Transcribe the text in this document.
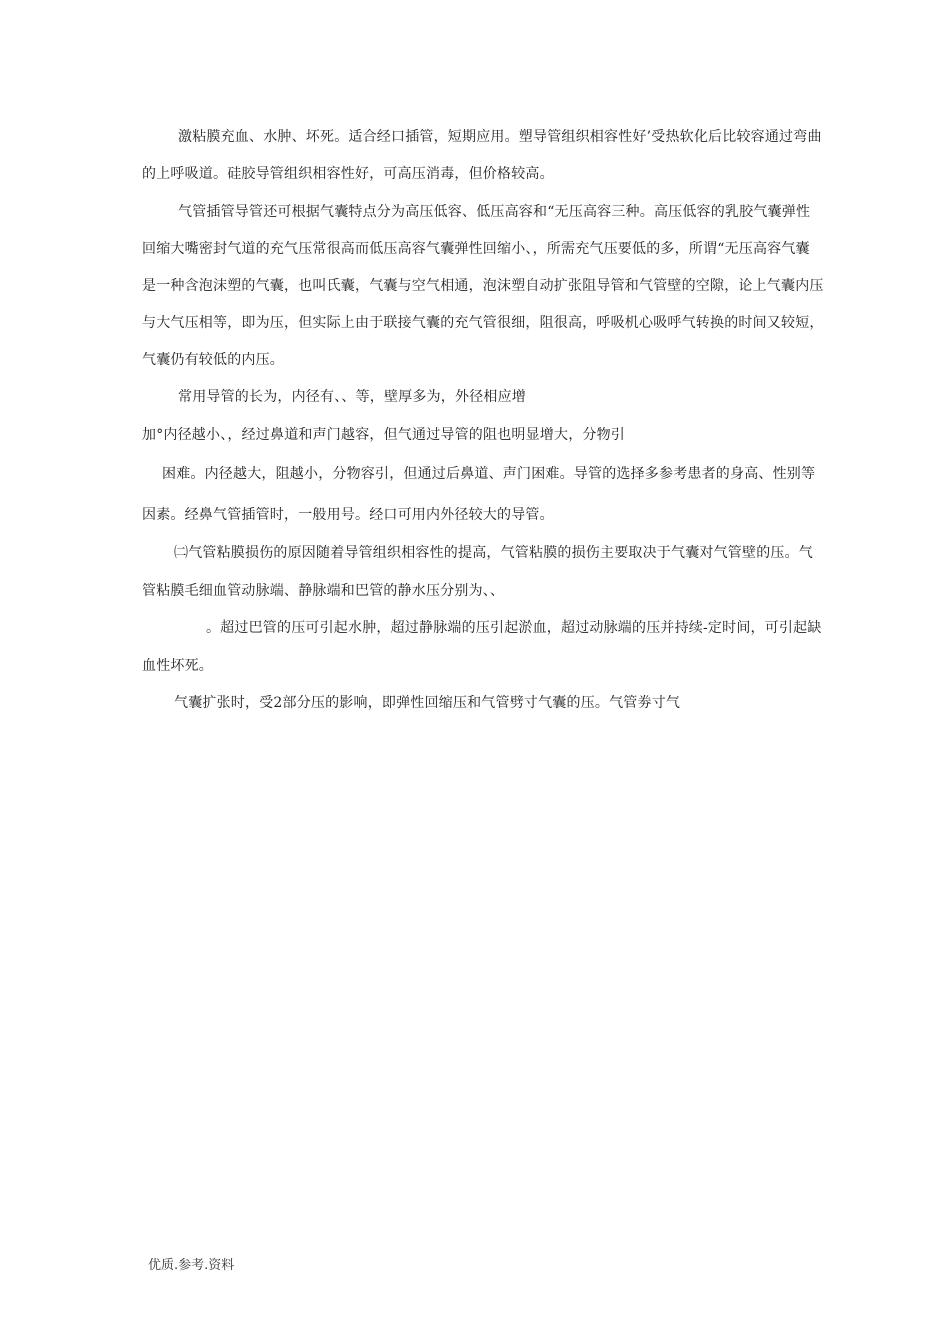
激粘膜充血、水肿、坏死。适合经口插管，短期应用。塑导管组织相容性好’受热软化后比较容通过弯曲
的上呼吸道。硅胶导管组织相容性好，可高压消毒，但价格较高。
气管插管导管还可根据气囊特点分为高压低容、低压高容和“无压高容三种。高压低容的乳胶气囊弹性
回缩大嘴密封气道的充气压常很高而低压高容气囊弹性回缩小、，所需充气压要低的多，所谓“无压高容气囊
是一种含泡沫塑的气囊，也叫氏囊，气囊与空气相通，泡沫塑自动扩张阻导管和气管壁的空隙，论上气囊内压
与大气压相等，即为压，但实际上由于联接气囊的充气管很细，阻很高，呼吸机心吸呼气转换的时间又较短，
气囊仍有较低的内压。
常用导管的长为，内径有、、等，壁厚多为，外径相应增
加°内径越小、，经过鼻道和声门越容，但气通过导管的阻也明显增大，分物引
困难。内径越大，阻越小，分物容引，但通过后鼻道、声门困难。导管的选择多参考患者的身高、性别等
因素。经鼻气管插管时，一般用号。经口可用内外径较大的导管。
㈡气管粘膜损伤的原因随着导管组织相容性的提高，气管粘膜的损伤主要取决于气囊对气管壁的压。气
管粘膜毛细血管动脉端、静脉端和巴管的静水压分别为、、
。超过巴管的压可引起水肿，超过静脉端的压引起淤血，超过动脉端的压并持续-定时间，可引起缺
血性坏死。
气囊扩张时，受2部分压的影响，即弹性回缩压和气管劈寸气囊的压。气管劵寸气
优质.参考.资料
